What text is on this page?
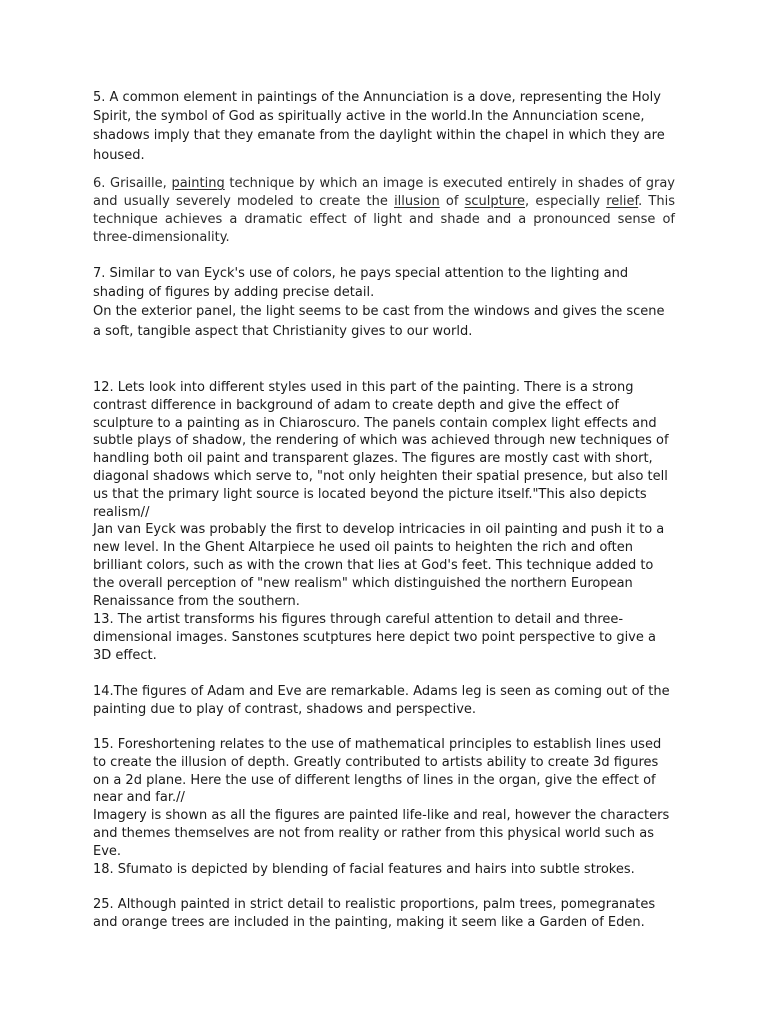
5. A common element in paintings of the Annunciation is a dove, representing the Holy Spirit, the symbol of God as spiritually active in the world.In the Annunciation scene, shadows imply that they emanate from the daylight within the chapel in which they are housed.

6. Grisaille, painting technique by which an image is executed entirely in shades of gray and usually severely modeled to create the illusion of sculpture, especially relief. This technique achieves a dramatic effect of light and shade and a pronounced sense of three-dimensionality.

7. Similar to van Eyck's use of colors, he pays special attention to the lighting and shading of figures by adding precise detail.
On the exterior panel, the light seems to be cast from the windows and gives the scene a soft, tangible aspect that Christianity gives to our world.

12. Lets look into different styles used in this part of the painting. There is a strong contrast difference in background of adam to create depth and give the effect of sculpture to a painting as in Chiaroscuro. The panels contain complex light effects and subtle plays of shadow, the rendering of which was achieved through new techniques of handling both oil paint and transparent glazes. The figures are mostly cast with short, diagonal shadows which serve to, "not only heighten their spatial presence, but also tell us that the primary light source is located beyond the picture itself."This also depicts realism//
Jan van Eyck was probably the first to develop intricacies in oil painting and push it to a new level. In the Ghent Altarpiece he used oil paints to heighten the rich and often brilliant colors, such as with the crown that lies at God's feet. This technique added to the overall perception of "new realism" which distinguished the northern European Renaissance from the southern.

13. The artist transforms his figures through careful attention to detail and three-dimensional images. Sanstones scutptures here depict two point perspective to give a 3D effect.

14.The figures of Adam and Eve are remarkable. Adams leg is seen as coming out of the painting due to play of contrast, shadows and perspective.

15. Foreshortening relates to the use of mathematical principles to establish lines used to create the illusion of depth. Greatly contributed to artists ability to create 3d figures on a 2d plane. Here the use of different lengths of lines in the organ, give the effect of near and far.//
Imagery is shown as all the figures are painted life-like and real, however the characters and themes themselves are not from reality or rather from this physical world such as Eve.

18. Sfumato is depicted by blending of facial features and hairs into subtle strokes.

25. Although painted in strict detail to realistic proportions, palm trees, pomegranates and orange trees are included in the painting, making it seem like a Garden of Eden.
